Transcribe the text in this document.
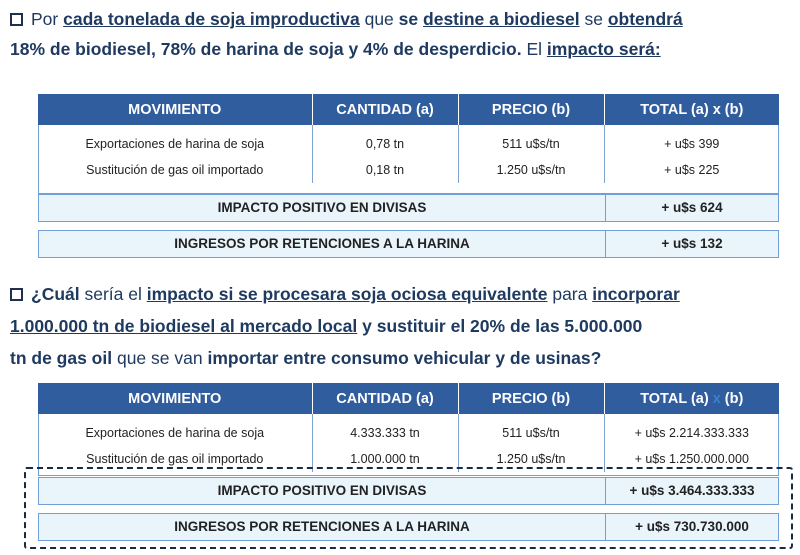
Por cada tonelada de soja improductiva que se destine a biodiesel se obtendrá
18% de biodiesel, 78% de harina de soja y 4% de desperdicio. El impacto será:
MOVIMIENTO	CANTIDAD (a)	PRECIO (b)	TOTAL (a) x (b)
Exportaciones de harina de soja	0,78 tn	511 u$s/tn	+ u$s 399
Sustitución de gas oil importado	0,18 tn	1.250 u$s/tn	+ u$s 225
IMPACTO POSITIVO EN DIVISAS	+ u$s 624
INGRESOS POR RETENCIONES A LA HARINA	+ u$s 132
¿Cuál sería el impacto si se procesara soja ociosa equivalente para incorporar
1.000.000 tn de biodiesel al mercado local y sustituir el 20% de las 5.000.000
tn de gas oil que se van importar entre consumo vehicular y de usinas?
MOVIMIENTO	CANTIDAD (a)	PRECIO (b)	TOTAL (a) x (b)
Exportaciones de harina de soja	4.333.333 tn	511 u$s/tn	+ u$s 2.214.333.333
Sustitución de gas oil importado	1.000.000 tn	1.250 u$s/tn	+ u$s 1.250.000.000
IMPACTO POSITIVO EN DIVISAS	+ u$s 3.464.333.333
INGRESOS POR RETENCIONES A LA HARINA	+ u$s 730.730.000
